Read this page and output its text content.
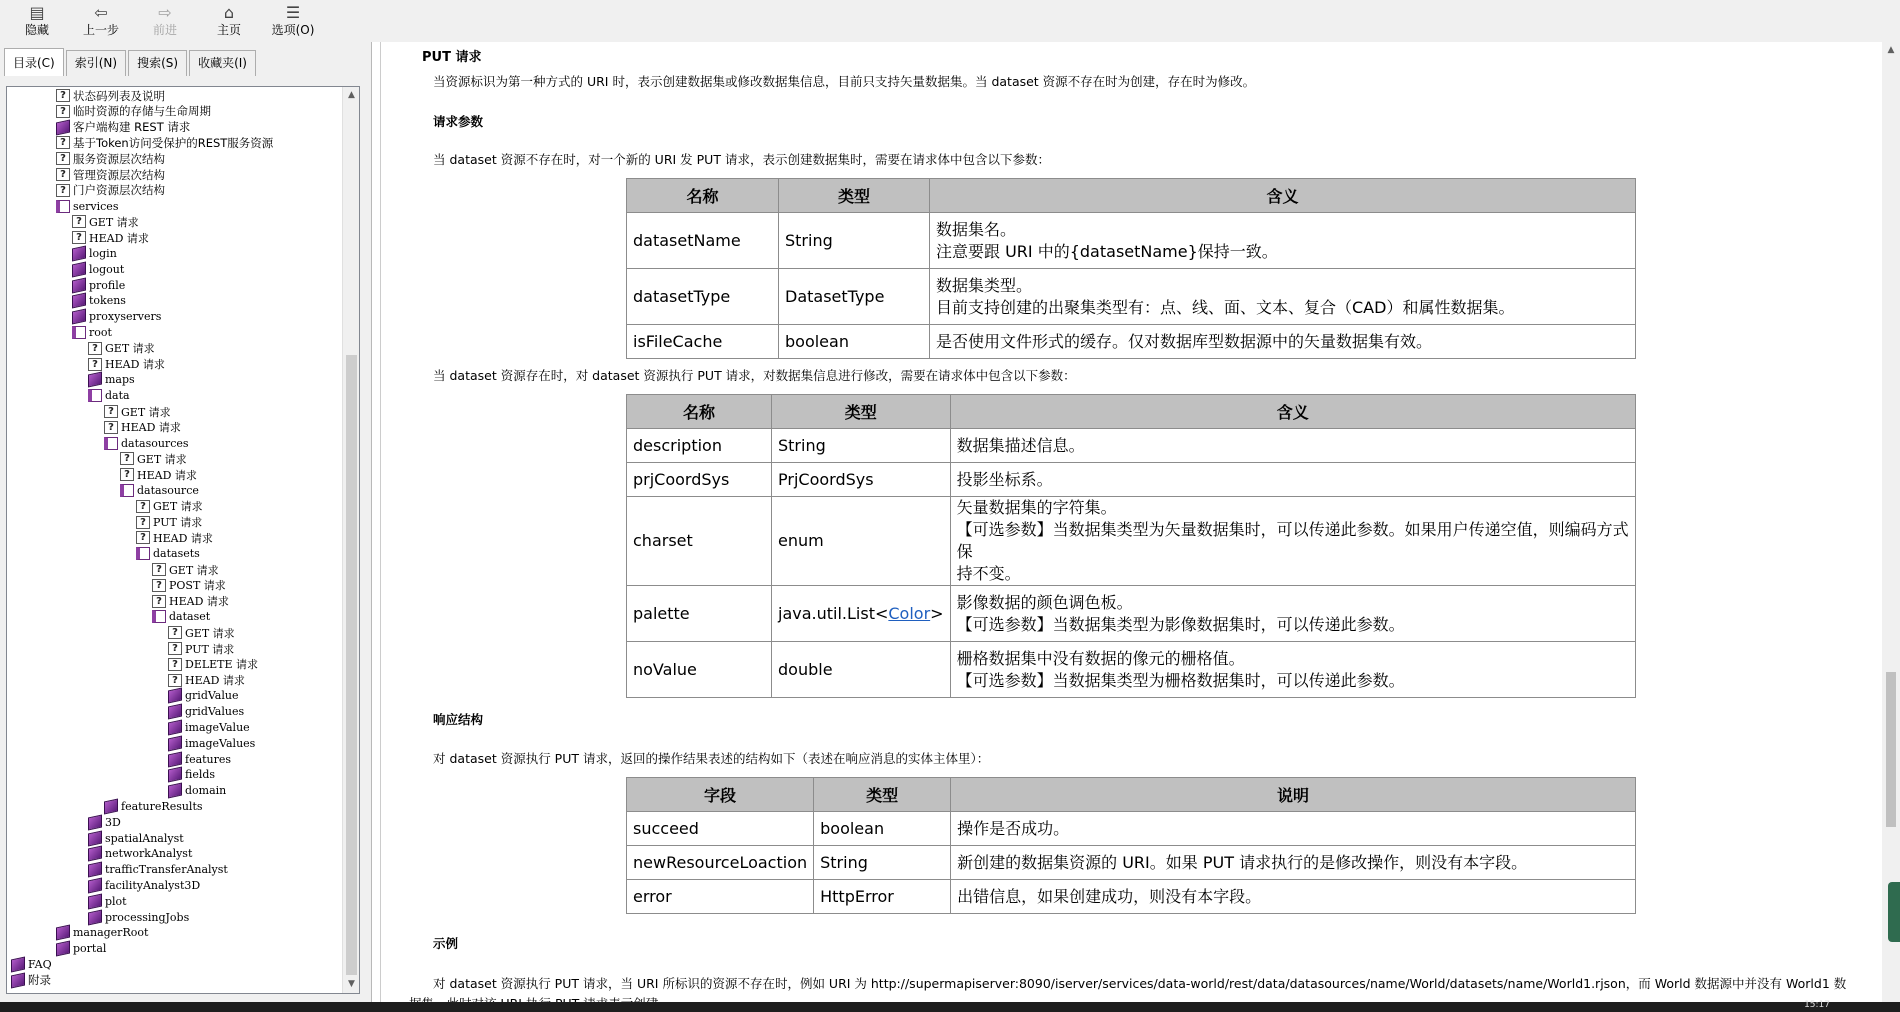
▤
隐藏
⇦
上一步
⇨
前进
⌂
主页
☰
选项(O)
目录(C)	索引(N)	搜索(S)	收藏夹(I)
▲
▼
? 状态码列表及说明
? 临时资源的存储与生命周期
客户端构建 REST 请求
? 基于Token访问受保护的REST服务资源
? 服务资源层次结构
? 管理资源层次结构
? 门户资源层次结构
services
? GET 请求
? HEAD 请求
login
logout
profile
tokens
proxyservers
root
? GET 请求
? HEAD 请求
maps
data
? GET 请求
? HEAD 请求
datasources
? GET 请求
? HEAD 请求
datasource
? GET 请求
? PUT 请求
? HEAD 请求
datasets
? GET 请求
? POST 请求
? HEAD 请求
dataset
? GET 请求
? PUT 请求
? DELETE 请求
? HEAD 请求
gridValue
gridValues
imageValue
imageValues
features
fields
domain
featureResults
3D
spatialAnalyst
networkAnalyst
trafficTransferAnalyst
facilityAnalyst3D
plot
processingJobs
managerRoot
portal
FAQ
附录
PUT 请求
当资源标识为第一种方式的 URI 时，表示创建数据集或修改数据集信息，目前只支持矢量数据集。当 dataset 资源不存在时为创建，存在时为修改。
请求参数
当 dataset 资源不存在时，对一个新的 URI 发 PUT 请求，表示创建数据集时，需要在请求体中包含以下参数：
名称	类型	含义
datasetName	String	数据集名。
注意要跟 URI 中的{datasetName}保持一致。

datasetType	DatasetType	数据集类型。
目前支持创建的出聚集类型有：点、线、面、文本、复合（CAD）和属性数据集。

isFileCache	boolean	是否使用文件形式的缓存。仅对数据库型数据源中的矢量数据集有效。
当 dataset 资源存在时，对 dataset 资源执行 PUT 请求，对数据集信息进行修改，需要在请求体中包含以下参数：
名称	类型	含义
description	String	数据集描述信息。

prjCoordSys	PrjCoordSys	投影坐标系。

charset	enum	矢量数据集的字符集。
【可选参数】当数据集类型为矢量数据集时，可以传递此参数。如果用户传递空值，则编码方式保
持不变。

palette	java.util.List<Color>	影像数据的颜色调色板。
【可选参数】当数据集类型为影像数据集时，可以传递此参数。

noValue	double	栅格数据集中没有数据的像元的栅格值。
【可选参数】当数据集类型为栅格数据集时，可以传递此参数。
响应结构
对 dataset 资源执行 PUT 请求，返回的操作结果表述的结构如下（表述在响应消息的实体主体里）：
字段	类型	说明
succeed	boolean	操作是否成功。

newResourceLoaction	String	新创建的数据集资源的 URI。如果 PUT 请求执行的是修改操作，则没有本字段。

error	HttpError	出错信息，如果创建成功，则没有本字段。
示例
对 dataset 资源执行 PUT 请求，当 URI 所标识的资源不存在时，例如 URI 为 http://supermapiserver:8090/iserver/services/data-world/rest/data/datasources/name/World/datasets/name/World1.rjson，而 World 数据源中并没有 World1 数
▲
15:17
